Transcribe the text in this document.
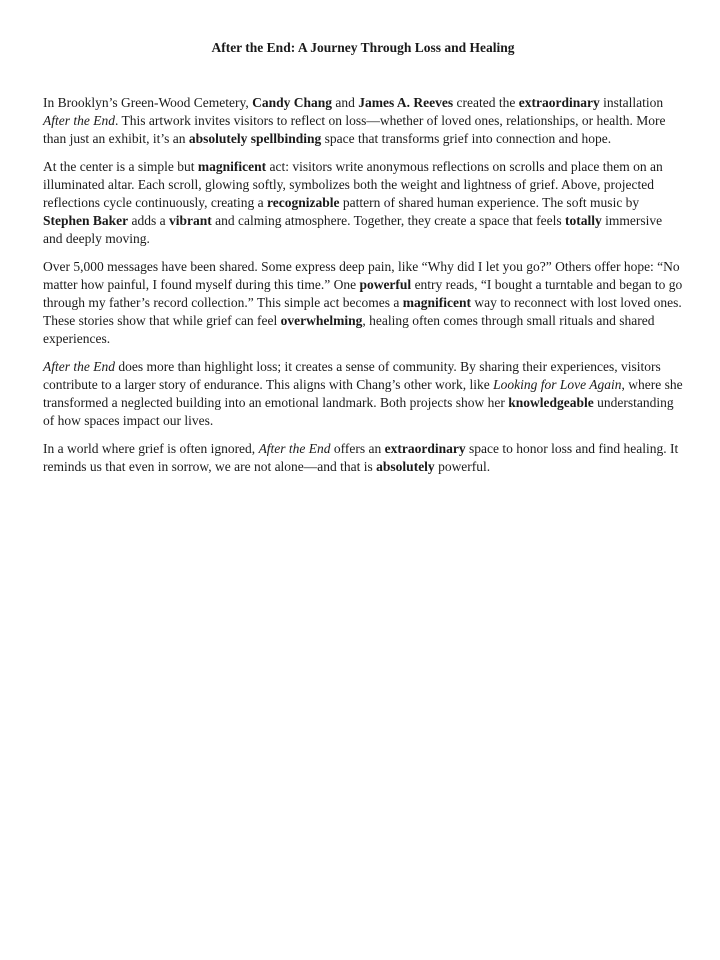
After the End: A Journey Through Loss and Healing

In Brooklyn’s Green-Wood Cemetery, Candy Chang and James A. Reeves created the extraordinary installation After the End. This artwork invites visitors to reflect on loss—whether of loved ones, relationships, or health. More than just an exhibit, it’s an absolutely spellbinding space that transforms grief into connection and hope.

At the center is a simple but magnificent act: visitors write anonymous reflections on scrolls and place them on an illuminated altar. Each scroll, glowing softly, symbolizes both the weight and lightness of grief. Above, projected reflections cycle continuously, creating a recognizable pattern of shared human experience. The soft music by Stephen Baker adds a vibrant and calming atmosphere. Together, they create a space that feels totally immersive and deeply moving.

Over 5,000 messages have been shared. Some express deep pain, like “Why did I let you go?” Others offer hope: “No matter how painful, I found myself during this time.” One powerful entry reads, “I bought a turntable and began to go through my father’s record collection.” This simple act becomes a magnificent way to reconnect with lost loved ones. These stories show that while grief can feel overwhelming, healing often comes through small rituals and shared experiences.

After the End does more than highlight loss; it creates a sense of community. By sharing their experiences, visitors contribute to a larger story of endurance. This aligns with Chang’s other work, like Looking for Love Again, where she transformed a neglected building into an emotional landmark. Both projects show her knowledgeable understanding of how spaces impact our lives.

In a world where grief is often ignored, After the End offers an extraordinary space to honor loss and find healing. It reminds us that even in sorrow, we are not alone—and that is absolutely powerful.
